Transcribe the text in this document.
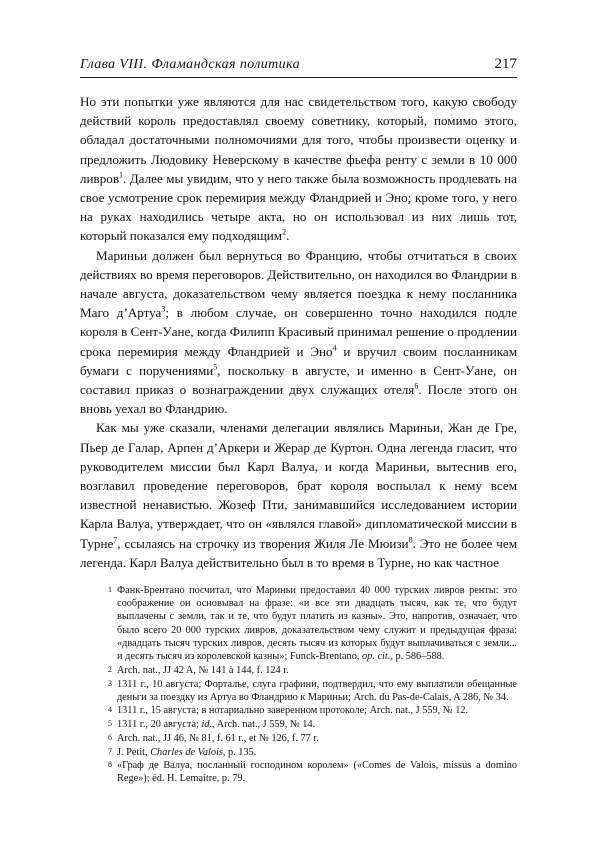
Глава VIII. Фламандская политика	217

Но эти попытки уже являются для нас свидетельством того, какую свободу действий король предоставлял своему советнику, который, помимо этого, обладал достаточными полномочиями для того, чтобы произвести оценку и предложить Людовику Неверскому в качестве фьефа ренту с земли в 10 000 ливров$^1$. Далее мы увидим, что у него также была возможность продлевать на свое усмотрение срок перемирия между Фландрией и Эно; кроме того, у него на руках находились четыре акта, но он использовал из них лишь тот, который показался ему подходящим$^2$.

Мариньи должен был вернуться во Францию, чтобы отчитаться в своих действиях во время переговоров. Действительно, он находился во Фландрии в начале августа, доказательством чему является поездка к нему посланника Маго д’Артуа$^3$; в любом случае, он совершенно точно находился подле короля в Сент-Уане, когда Филипп Красивый принимал решение о продлении срока перемирия между Фландрией и Эно$^4$ и вручил своим посланникам бумаги с поручениями$^5$, поскольку в августе, и именно в Сент-Уане, он составил приказ о вознаграждении двух служащих отеля$^6$. После этого он вновь уехал во Фландрию.

Как мы уже сказали, членами делегации являлись Мариньи, Жан де Гре, Пьер де Галар, Арпен д’Аркери и Жерар де Куртон. Одна легенда гласит, что руководителем миссии был Карл Валуа, и когда Мариньи, вытеснив его, возглавил проведение переговоров, брат короля воспылал к нему всем известной ненавистью. Жозеф Пти, занимавшийся исследованием истории Карла Валуа, утверждает, что он «являлся главой» дипломатической миссии в Турне$^7$, ссылаясь на строчку из творения Жиля Ле Мюизи$^8$. Это не более чем легенда. Карл Валуа действительно был в то время в Турне, но как частное

1 Фанк-Брентано посчитал, что Мариньи предоставил 40 000 турских ливров ренты: это соображение он основывал на фразе: «и все эти двадцать тысяч, как те, что будут выплачены с земли, так и те, что будут платить из казны». Это, напротив, означает, что было всего 20 000 турских ливров, доказательством чему служит и предыдущая фраза: «двадцать тысяч турских ливров, десять тысяч из которых будут выплачиваться с земли... и десять тысяч из королевской казны»; Funck-Brentano, op. cit., p. 586–588.
2 Arch. nat., JJ 42 A, № 141 à 144, f. 124 r.
3 1311 г., 10 августа; Фортальe, слуга графини, подтвердил, что ему выплатили обещанные деньги за поездку из Артуа во Фландрию к Мариньи; Arch. du Pas-de-Calais, A 286, № 34.
4 1311 г., 15 августа; в нотариально заверенном протоколе; Arch. nat., J 559, № 12.
5 1311 г., 20 августа; id., Arch. nat., J 559, № 14.
6 Arch. nat., JJ 46, № 81, f. 61 r., et № 126, f. 77 r.
7 J. Petit, Charles de Valois, p. 135.
8 «Граф де Валуа, посланный господином королем» («Comes de Valois, missus a domino Rege»); éd. H. Lemaitre, p. 79.
